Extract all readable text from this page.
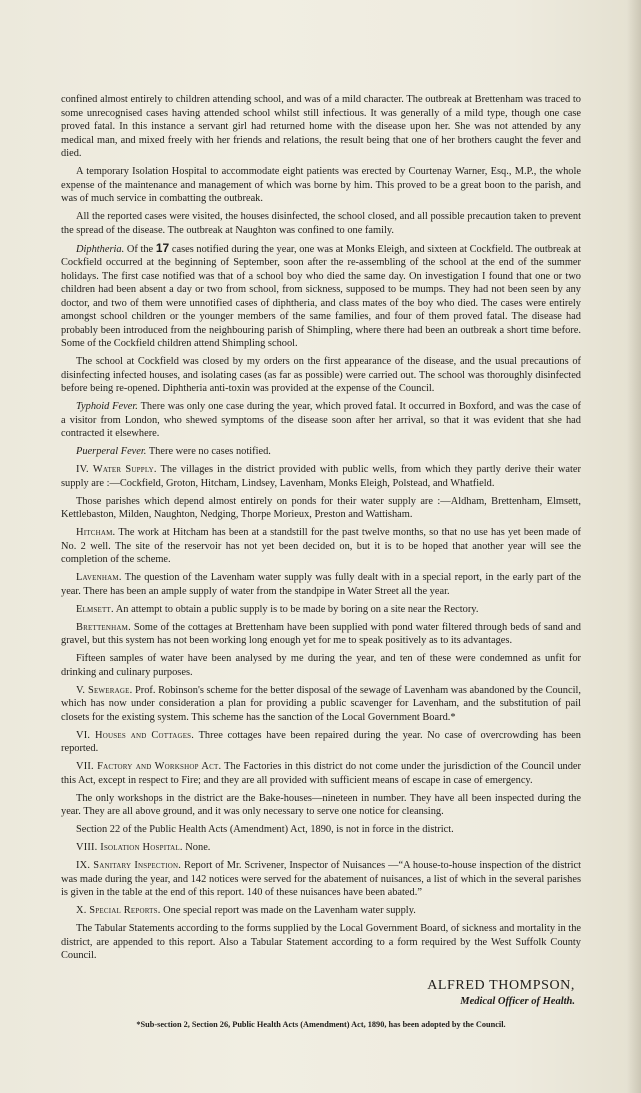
confined almost entirely to children attending school, and was of a mild character. The outbreak at Brettenham was traced to some unrecognised cases having attended school whilst still infectious. It was generally of a mild type, though one case proved fatal. In this instance a servant girl had returned home with the disease upon her. She was not attended by any medical man, and mixed freely with her friends and relations, the result being that one of her brothers caught the fever and died.

A temporary Isolation Hospital to accommodate eight patients was erected by Courtenay Warner, Esq., M.P., the whole expense of the maintenance and management of which was borne by him. This proved to be a great boon to the parish, and was of much service in combatting the outbreak.

All the reported cases were visited, the houses disinfected, the school closed, and all possible precaution taken to prevent the spread of the disease. The outbreak at Naughton was confined to one family.

Diphtheria. Of the 17 cases notified during the year, one was at Monks Eleigh, and sixteen at Cockfield. The outbreak at Cockfield occurred at the beginning of September, soon after the re-assembling of the school at the end of the summer holidays. The first case notified was that of a school boy who died the same day. On investigation I found that one or two children had been absent a day or two from school, from sickness, supposed to be mumps. They had not been seen by any doctor, and two of them were unnotified cases of diphtheria, and class mates of the boy who died. The cases were entirely amongst school children or the younger members of the same families, and four of them proved fatal. The disease had probably been introduced from the neighbouring parish of Shimpling, where there had been an outbreak a short time before. Some of the Cockfield children attend Shimpling school.

The school at Cockfield was closed by my orders on the first appearance of the disease, and the usual precautions of disinfecting infected houses, and isolating cases (as far as possible) were carried out. The school was thoroughly disinfected before being re-opened. Diphtheria anti-toxin was provided at the expense of the Council.

Typhoid Fever. There was only one case during the year, which proved fatal. It occurred in Boxford, and was the case of a visitor from London, who shewed symptoms of the disease soon after her arrival, so that it was evident that she had contracted it elsewhere.

Puerperal Fever. There were no cases notified.

IV. Water Supply. The villages in the district provided with public wells, from which they partly derive their water supply are :—Cockfield, Groton, Hitcham, Lindsey, Lavenham, Monks Eleigh, Polstead, and Whatfield.

Those parishes which depend almost entirely on ponds for their water supply are :—Aldham, Brettenham, Elmsett, Kettlebaston, Milden, Naughton, Nedging, Thorpe Morieux, Preston and Wattisham.

Hitcham. The work at Hitcham has been at a standstill for the past twelve months, so that no use has yet been made of No. 2 well. The site of the reservoir has not yet been decided on, but it is to be hoped that another year will see the completion of the scheme.

Lavenham. The question of the Lavenham water supply was fully dealt with in a special report, in the early part of the year. There has been an ample supply of water from the standpipe in Water Street all the year.

Elmsett. An attempt to obtain a public supply is to be made by boring on a site near the Rectory.

Brettenham. Some of the cottages at Brettenham have been supplied with pond water filtered through beds of sand and gravel, but this system has not been working long enough yet for me to speak positively as to its advantages.

Fifteen samples of water have been analysed by me during the year, and ten of these were condemned as unfit for drinking and culinary purposes.

V. Sewerage. Prof. Robinson's scheme for the better disposal of the sewage of Lavenham was abandoned by the Council, which has now under consideration a plan for providing a public scavenger for Lavenham, and the substitution of pail closets for the existing system. This scheme has the sanction of the Local Government Board.*

VI. Houses and Cottages. Three cottages have been repaired during the year. No case of overcrowding has been reported.

VII. Factory and Workshop Act. The Factories in this district do not come under the jurisdiction of the Council under this Act, except in respect to Fire; and they are all provided with sufficient means of escape in case of emergency.

The only workshops in the district are the Bake-houses—nineteen in number. They have all been inspected during the year. They are all above ground, and it was only necessary to serve one notice for cleansing.

Section 22 of the Public Health Acts (Amendment) Act, 1890, is not in force in the district.

VIII. Isolation Hospital. None.

IX. Sanitary Inspection. Report of Mr. Scrivener, Inspector of Nuisances —“A house-to-house inspection of the district was made during the year, and 142 notices were served for the abatement of nuisances, a list of which in the several parishes is given in the table at the end of this report. 140 of these nuisances have been abated.”

X. Special Reports. One special report was made on the Lavenham water supply.

The Tabular Statements according to the forms supplied by the Local Government Board, of sickness and mortality in the district, are appended to this report. Also a Tabular Statement according to a form required by the West Suffolk County Council.

ALFRED THOMPSON,
Medical Officer of Health.
*Sub-section 2, Section 26, Public Health Acts (Amendment) Act, 1890, has been adopted by the Council.
